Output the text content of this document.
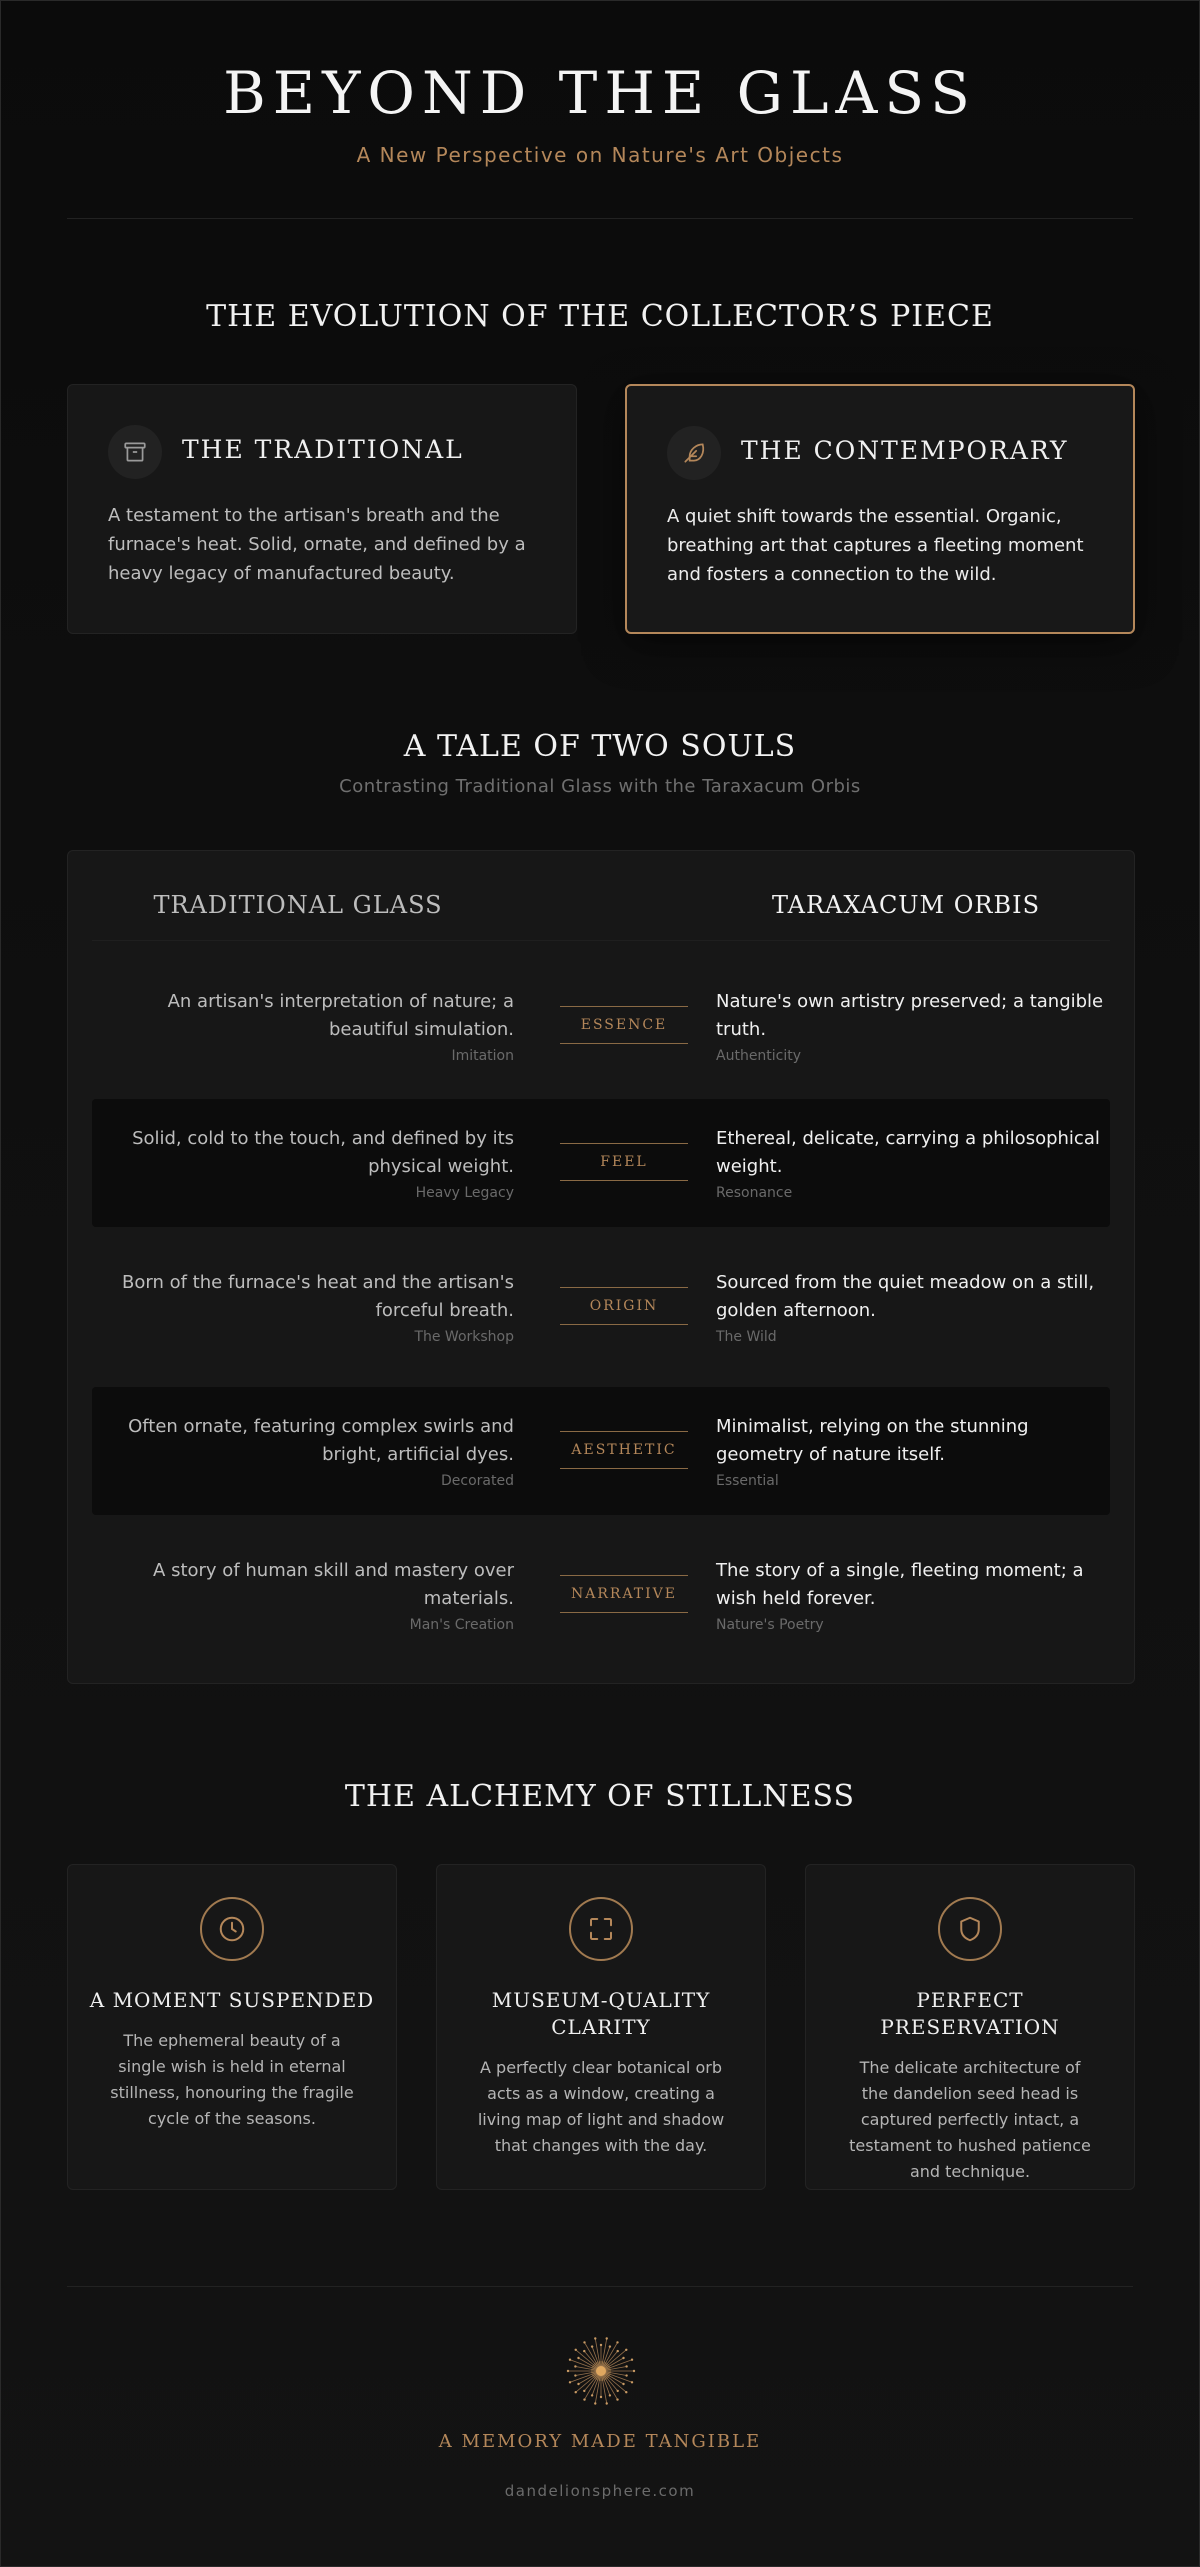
BEYOND THE GLASS
A New Perspective on Nature's Art Objects
THE EVOLUTION OF THE COLLECTOR’S PIECE
THE TRADITIONAL
A testament to the artisan's breath and the furnace's heat. Solid, ornate, and defined by a heavy legacy of manufactured beauty.
THE CONTEMPORARY
A quiet shift towards the essential. Organic, breathing art that captures a fleeting moment and fosters a connection to the wild.
A TALE OF TWO SOULS
Contrasting Traditional Glass with the Taraxacum Orbis
TRADITIONAL GLASS	TARAXACUM ORBIS
An artisan's interpretation of nature; a beautiful simulation.
Imitation
ESSENCE
Nature's own artistry preserved; a tangible truth.
Authenticity
Solid, cold to the touch, and defined by its physical weight.
Heavy Legacy
FEEL
Ethereal, delicate, carrying a philosophical weight.
Resonance
Born of the furnace's heat and the artisan's forceful breath.
The Workshop
ORIGIN
Sourced from the quiet meadow on a still, golden afternoon.
The Wild
Often ornate, featuring complex swirls and bright, artificial dyes.
Decorated
AESTHETIC
Minimalist, relying on the stunning geometry of nature itself.
Essential
A story of human skill and mastery over materials.
Man's Creation
NARRATIVE
The story of a single, fleeting moment; a wish held forever.
Nature's Poetry
THE ALCHEMY OF STILLNESS
A MOMENT SUSPENDED
The ephemeral beauty of a single wish is held in eternal stillness, honouring the fragile cycle of the seasons.
MUSEUM-QUALITY CLARITY
A perfectly clear botanical orb acts as a window, creating a living map of light and shadow that changes with the day.
PERFECT PRESERVATION
The delicate architecture of the dandelion seed head is captured perfectly intact, a testament to hushed patience and technique.
A MEMORY MADE TANGIBLE
dandelionsphere.com
